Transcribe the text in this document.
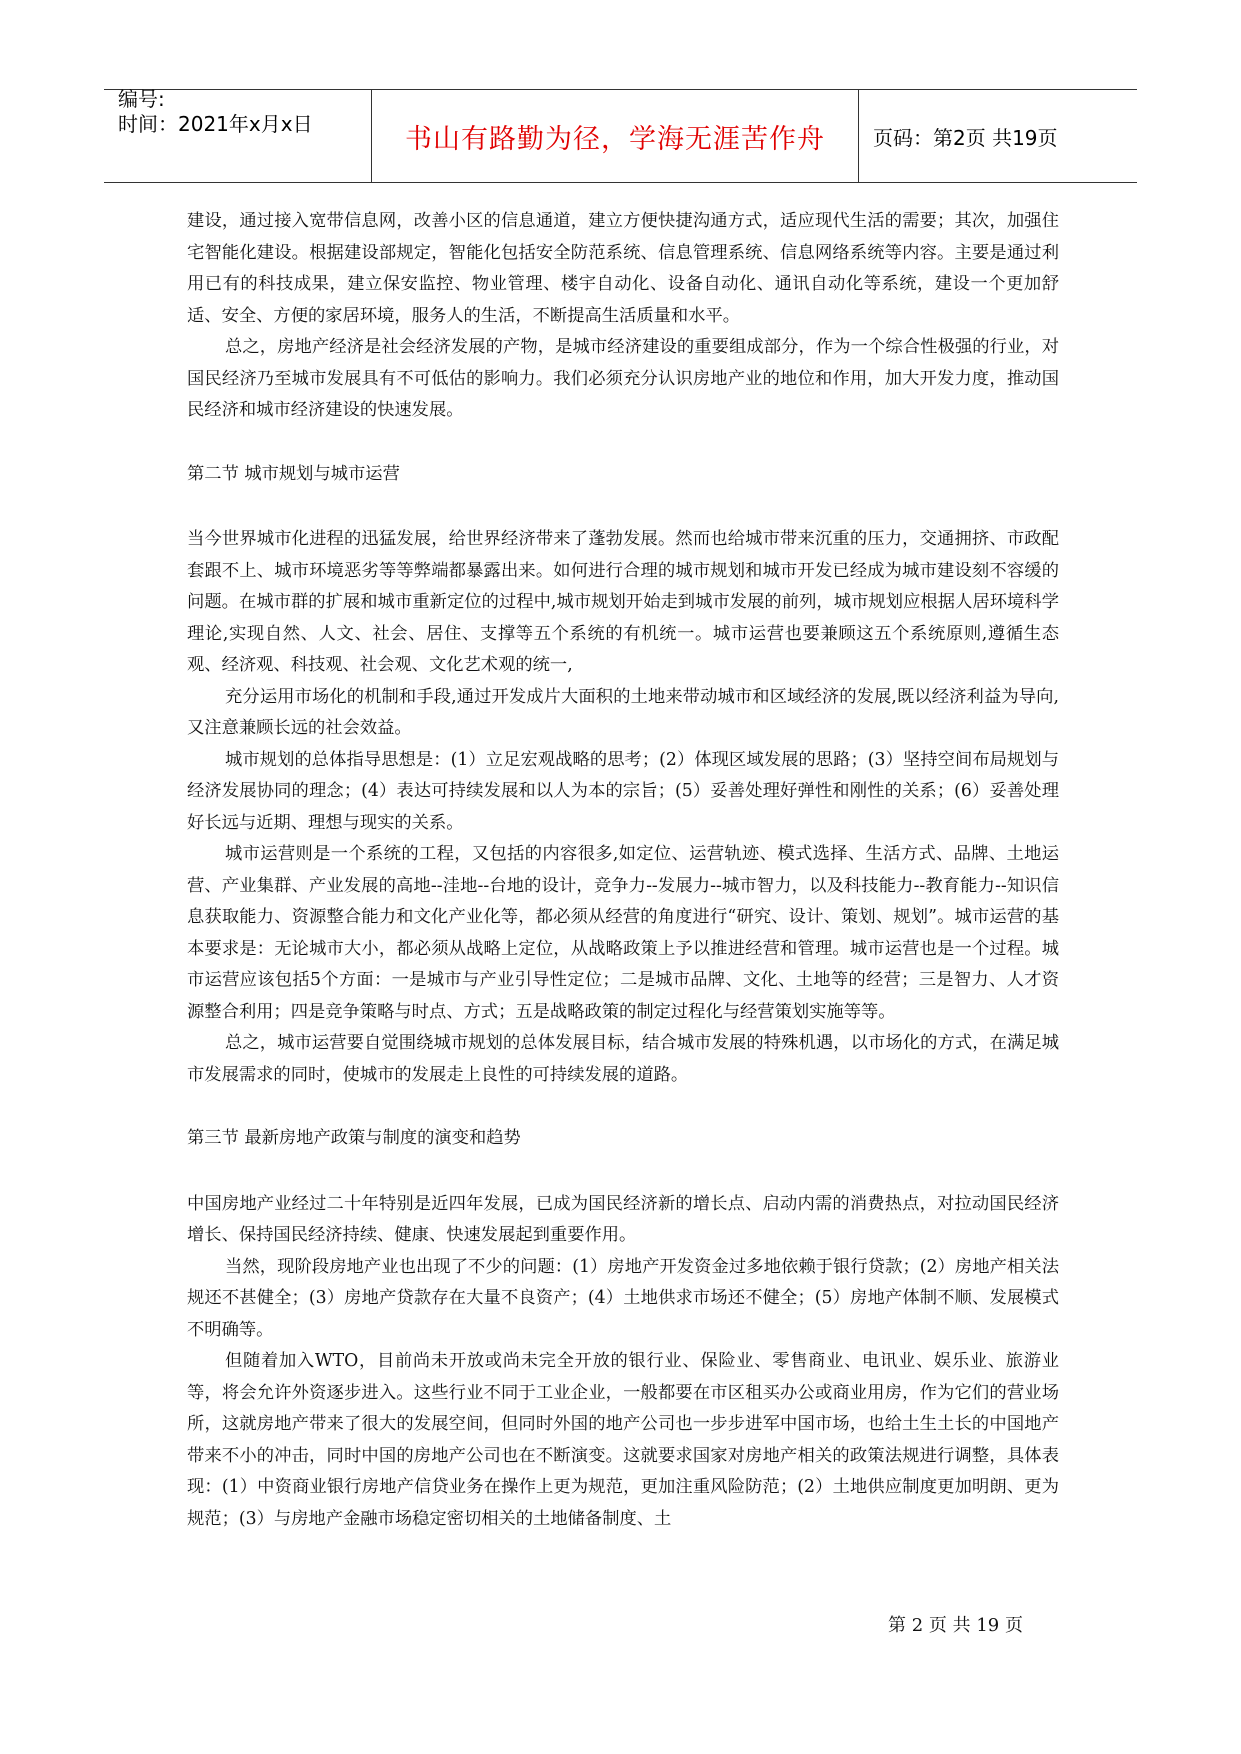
编号:
时间：2021年x月x日	书山有路勤为径，学海无涯苦作舟 页码：第2页 共19页

建设，通过接入宽带信息网，改善小区的信息通道，建立方便快捷沟通方式，适应现代生活的需要；其次，加强住宅智能化建设。根据建设部规定，智能化包括安全防范系统、信息管理系统、信息网络系统等内容。主要是通过利用已有的科技成果，建立保安监控、物业管理、楼宇自动化、设备自动化、通讯自动化等系统，建设一个更加舒适、安全、方便的家居环境，服务人的生活，不断提高生活质量和水平。

总之，房地产经济是社会经济发展的产物，是城市经济建设的重要组成部分，作为一个综合性极强的行业，对国民经济乃至城市发展具有不可低估的影响力。我们必须充分认识房地产业的地位和作用，加大开发力度，推动国民经济和城市经济建设的快速发展。

第二节 城市规划与城市运营

当今世界城市化进程的迅猛发展，给世界经济带来了蓬勃发展。然而也给城市带来沉重的压力，交通拥挤、市政配套跟不上、城市环境恶劣等等弊端都暴露出来。如何进行合理的城市规划和城市开发已经成为城市建设刻不容缓的问题。在城市群的扩展和城市重新定位的过程中,城市规划开始走到城市发展的前列，城市规划应根据人居环境科学理论,实现自然、人文、社会、居住、支撑等五个系统的有机统一。城市运营也要兼顾这五个系统原则,遵循生态观、经济观、科技观、社会观、文化艺术观的统一,

充分运用市场化的机制和手段,通过开发成片大面积的土地来带动城市和区域经济的发展,既以经济利益为导向,又注意兼顾长远的社会效益。

城市规划的总体指导思想是：(1）立足宏观战略的思考；(2）体现区域发展的思路；(3）坚持空间布局规划与经济发展协同的理念；(4）表达可持续发展和以人为本的宗旨；(5）妥善处理好弹性和刚性的关系；(6）妥善处理好长远与近期、理想与现实的关系。

城市运营则是一个系统的工程，又包括的内容很多,如定位、运营轨迹、模式选择、生活方式、品牌、土地运营、产业集群、产业发展的高地--洼地--台地的设计，竞争力--发展力--城市智力，以及科技能力--教育能力--知识信息获取能力、资源整合能力和文化产业化等，都必须从经营的角度进行“研究、设计、策划、规划”。城市运营的基本要求是：无论城市大小，都必须从战略上定位，从战略政策上予以推进经营和管理。城市运营也是一个过程。城市运营应该包括5个方面：一是城市与产业引导性定位；二是城市品牌、文化、土地等的经营；三是智力、人才资源整合利用；四是竞争策略与时点、方式；五是战略政策的制定过程化与经营策划实施等等。

总之，城市运营要自觉围绕城市规划的总体发展目标，结合城市发展的特殊机遇，以市场化的方式，在满足城市发展需求的同时，使城市的发展走上良性的可持续发展的道路。

第三节 最新房地产政策与制度的演变和趋势

中国房地产业经过二十年特别是近四年发展，已成为国民经济新的增长点、启动内需的消费热点，对拉动国民经济增长、保持国民经济持续、健康、快速发展起到重要作用。

当然，现阶段房地产业也出现了不少的问题：(1）房地产开发资金过多地依赖于银行贷款；(2）房地产相关法规还不甚健全；(3）房地产贷款存在大量不良资产；(4）土地供求市场还不健全；(5）房地产体制不顺、发展模式不明确等。

但随着加入WTO，目前尚未开放或尚未完全开放的银行业、保险业、零售商业、电讯业、娱乐业、旅游业等，将会允许外资逐步进入。这些行业不同于工业企业，一般都要在市区租买办公或商业用房，作为它们的营业场所，这就房地产带来了很大的发展空间，但同时外国的地产公司也一步步进军中国市场，也给土生土长的中国地产带来不小的冲击，同时中国的房地产公司也在不断演变。这就要求国家对房地产相关的政策法规进行调整，具体表现：(1）中资商业银行房地产信贷业务在操作上更为规范，更加注重风险防范；(2）土地供应制度更加明朗、更为规范；(3）与房地产金融市场稳定密切相关的土地储备制度、土

第 2 页 共 19 页
